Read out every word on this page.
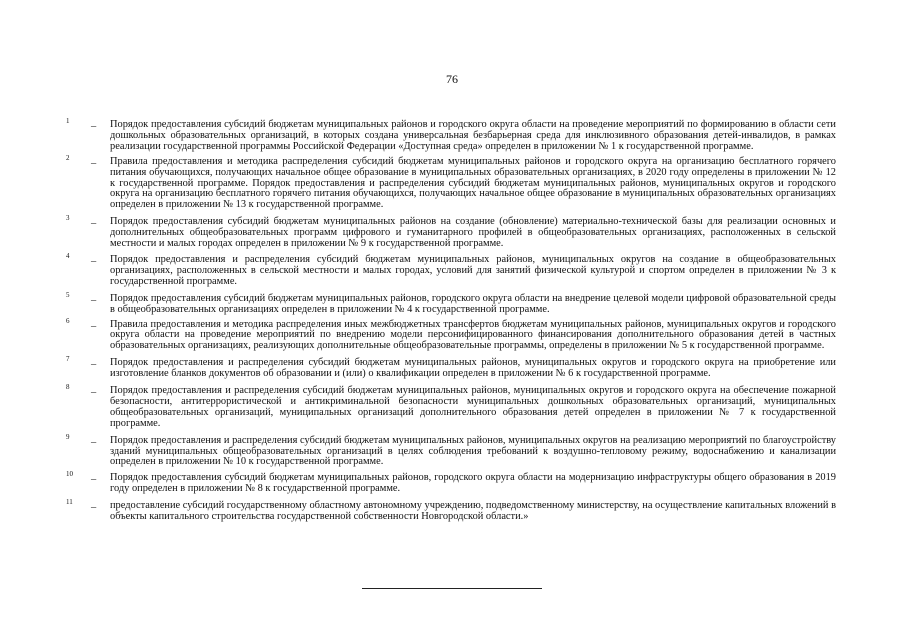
76
1 – Порядок предоставления субсидий бюджетам муниципальных районов и городского округа области на проведение мероприятий по формированию в области сети дошкольных образовательных организаций, в которых создана универсальная безбарьерная среда для инклюзивного образования детей-инвалидов, в рамках реализации государственной программы Российской Федерации «Доступная среда» определен в приложении № 1 к государственной программе.
2 – Правила предоставления и методика распределения субсидий бюджетам муниципальных районов и городского округа на организацию бесплатного горячего питания обучающихся, получающих начальное общее образование в муниципальных образовательных организациях, в 2020 году определены в приложении № 12 к государственной программе. Порядок предоставления и распределения субсидий бюджетам муниципальных районов, муниципальных округов и городского округа на организацию бесплатного горячего питания обучающихся, получающих начальное общее образование в муниципальных образовательных организациях определен в приложении № 13 к государственной программе.
3 – Порядок предоставления субсидий бюджетам муниципальных районов на создание (обновление) материально-технической базы для реализации основных и дополнительных общеобразовательных программ цифрового и гуманитарного профилей в общеобразовательных организациях, расположенных в сельской местности и малых городах определен в приложении № 9 к государственной программе.
4 – Порядок предоставления и распределения субсидий бюджетам муниципальных районов, муниципальных округов на создание в общеобразовательных организациях, расположенных в сельской местности и малых городах, условий для занятий физической культурой и спортом определен в приложении № 3 к государственной программе.
5 – Порядок предоставления субсидий бюджетам муниципальных районов, городского округа области на внедрение целевой модели цифровой образовательной среды в общеобразовательных организациях определен в приложении № 4 к государственной программе.
6 – Правила предоставления и методика распределения иных межбюджетных трансфертов бюджетам муниципальных районов, муниципальных округов и городского округа области на проведение мероприятий по внедрению модели персонифицированного финансирования дополнительного образования детей в частных образовательных организациях, реализующих дополнительные общеобразовательные программы, определены в приложении № 5 к государственной программе.
7 – Порядок предоставления и распределения субсидий бюджетам муниципальных районов, муниципальных округов и городского округа на приобретение или изготовление бланков документов об образовании и (или) о квалификации определен в приложении № 6 к государственной программе.
8 – Порядок предоставления и распределения субсидий бюджетам муниципальных районов, муниципальных округов и городского округа на обеспечение пожарной безопасности, антитеррористической и антикриминальной безопасности муниципальных дошкольных образовательных организаций, муниципальных общеобразовательных организаций, муниципальных организаций дополнительного образования детей определен в приложении № 7 к государственной программе.
9 – Порядок предоставления и распределения субсидий бюджетам муниципальных районов, муниципальных округов на реализацию мероприятий по благоустройству зданий муниципальных общеобразовательных организаций в целях соблюдения требований к воздушно-тепловому режиму, водоснабжению и канализации определен в приложении № 10 к государственной программе.
10 – Порядок предоставления субсидий бюджетам муниципальных районов, городского округа области на модернизацию инфраструктуры общего образования в 2019 году определен в приложении № 8 к государственной программе.
11 – предоставление субсидий государственному областному автономному учреждению, подведомственному министерству, на осуществление капитальных вложений в объекты капитального строительства государственной собственности Новгородской области.»
